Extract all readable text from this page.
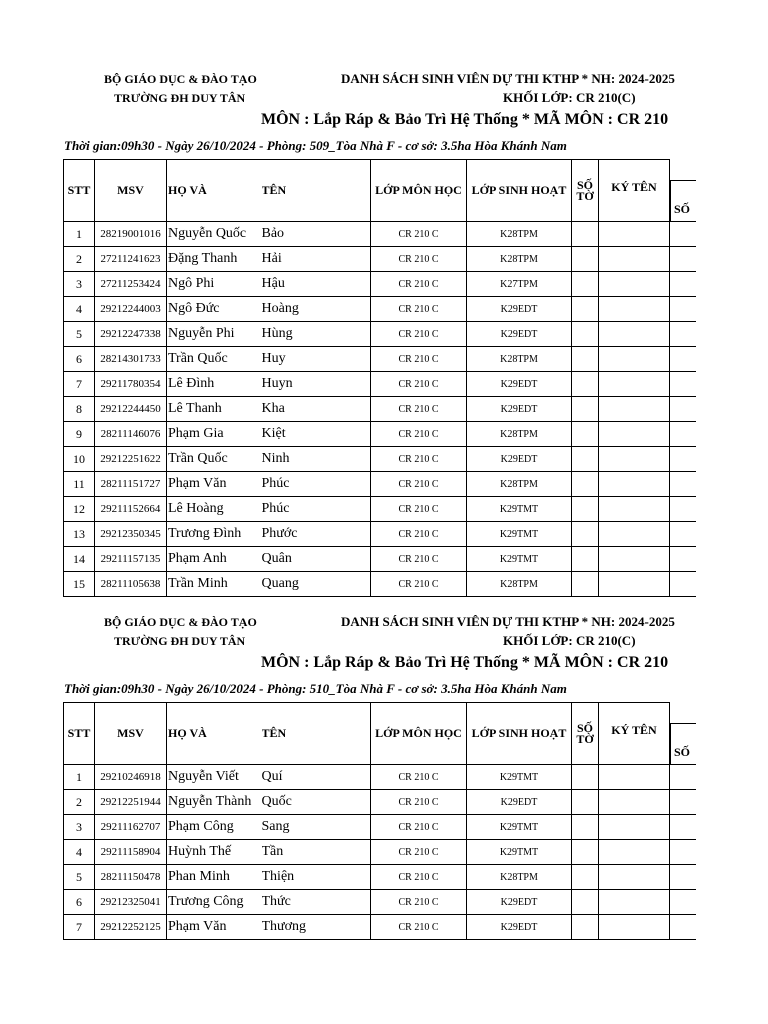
BỘ GIÁO DỤC & ĐÀO TẠO
TRƯỜNG ĐH DUY TÂN
DANH SÁCH SINH VIÊN DỰ THI KTHP * NH: 2024-2025
KHỐI LỚP: CR 210(C)
MÔN : Lắp Ráp & Bảo Trì Hệ Thống * MÃ MÔN : CR 210
Thời gian:09h30 - Ngày 26/10/2024 - Phòng: 509_Tòa Nhà F - cơ sở: 3.5ha Hòa Khánh Nam
STT	MSV	HỌ VÀ	TÊN	LỚP MÔN HỌC	LỚP SINH HOẠT	SỐ TỜ	KÝ TÊN	SỐ

1	28219001016	Nguyễn Quốc	Bảo	CR 210 C	K28TPM			
2	27211241623	Đặng Thanh	Hải	CR 210 C	K28TPM			
3	27211253424	Ngô Phi	Hậu	CR 210 C	K27TPM			
4	29212244003	Ngô Đức	Hoàng	CR 210 C	K29EDT			
5	29212247338	Nguyễn Phi	Hùng	CR 210 C	K29EDT			
6	28214301733	Trần Quốc	Huy	CR 210 C	K28TPM			
7	29211780354	Lê Đình	Huyn	CR 210 C	K29EDT			
8	29212244450	Lê Thanh	Kha	CR 210 C	K29EDT			
9	28211146076	Phạm Gia	Kiệt	CR 210 C	K28TPM			
10	29212251622	Trần Quốc	Ninh	CR 210 C	K29EDT			
11	28211151727	Phạm Văn	Phúc	CR 210 C	K28TPM			
12	29211152664	Lê Hoàng	Phúc	CR 210 C	K29TMT			
13	29212350345	Trương Đình	Phước	CR 210 C	K29TMT			
14	29211157135	Phạm Anh	Quân	CR 210 C	K29TMT			
15	28211105638	Trần Minh	Quang	CR 210 C	K28TPM			
BỘ GIÁO DỤC & ĐÀO TẠO
TRƯỜNG ĐH DUY TÂN
DANH SÁCH SINH VIÊN DỰ THI KTHP * NH: 2024-2025
KHỐI LỚP: CR 210(C)
MÔN : Lắp Ráp & Bảo Trì Hệ Thống * MÃ MÔN : CR 210
Thời gian:09h30 - Ngày 26/10/2024 - Phòng: 510_Tòa Nhà F - cơ sở: 3.5ha Hòa Khánh Nam
STT	MSV	HỌ VÀ	TÊN	LỚP MÔN HỌC	LỚP SINH HOẠT	SỐ TỜ	KÝ TÊN	SỐ

1	29210246918	Nguyễn Viết	Quí	CR 210 C	K29TMT			
2	29212251944	Nguyễn Thành	Quốc	CR 210 C	K29EDT			
3	29211162707	Phạm Công	Sang	CR 210 C	K29TMT			
4	29211158904	Huỳnh Thế	Tần	CR 210 C	K29TMT			
5	28211150478	Phan Minh	Thiện	CR 210 C	K28TPM			
6	29212325041	Trương Công	Thức	CR 210 C	K29EDT			
7	29212252125	Phạm Văn	Thương	CR 210 C	K29EDT			
